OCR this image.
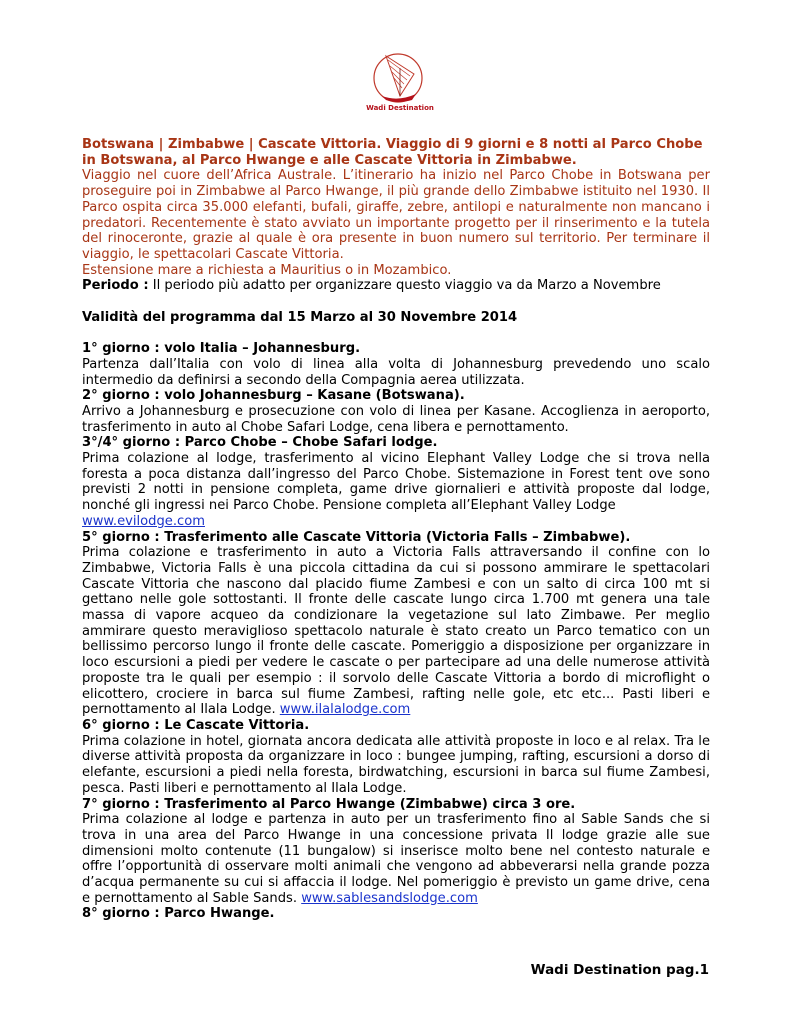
Wadi Destination

Botswana | Zimbabwe | Cascate Vittoria. Viaggio di 9 giorni e 8 notti al Parco Chobe in Botswana, al Parco Hwange e alle Cascate Vittoria in Zimbabwe.

Viaggio nel cuore dell’Africa Australe. L’itinerario ha inizio nel Parco Chobe in Botswana per proseguire poi in Zimbabwe al Parco Hwange, il più grande dello Zimbabwe istituito nel 1930. Il Parco ospita circa 35.000 elefanti, bufali, giraffe, zebre, antilopi e naturalmente non mancano i predatori. Recentemente è stato avviato un importante progetto per il rinserimento e la tutela del rinoceronte, grazie al quale è ora presente in buon numero sul territorio. Per terminare il viaggio, le spettacolari Cascate Vittoria.

Estensione mare a richiesta a Mauritius o in Mozambico.

Periodo : Il periodo più adatto per organizzare questo viaggio va da Marzo a Novembre

Validità del programma dal 15 Marzo al 30 Novembre 2014

1° giorno : volo Italia – Johannesburg.

Partenza dall’Italia con volo di linea alla volta di Johannesburg prevedendo uno scalo intermedio da definirsi a secondo della Compagnia aerea utilizzata.

2° giorno : volo Johannesburg – Kasane (Botswana).

Arrivo a Johannesburg e prosecuzione con volo di linea per Kasane. Accoglienza in aeroporto, trasferimento in auto al Chobe Safari Lodge, cena libera e pernottamento.

3°/4° giorno : Parco Chobe – Chobe Safari lodge.

Prima colazione al lodge, trasferimento al vicino Elephant Valley Lodge che si trova nella foresta a poca distanza dall’ingresso del Parco Chobe. Sistemazione in Forest tent ove sono previsti 2 notti in pensione completa, game drive giornalieri e attività proposte dal lodge, nonché gli ingressi nei Parco Chobe. Pensione completa all’Elephant Valley Lodge

www.evilodge.com

5° giorno : Trasferimento alle Cascate Vittoria (Victoria Falls – Zimbabwe).

Prima colazione e trasferimento in auto a Victoria Falls attraversando il confine con lo Zimbabwe, Victoria Falls è una piccola cittadina da cui si possono ammirare le spettacolari Cascate Vittoria che nascono dal placido fiume Zambesi e con un salto di circa 100 mt si gettano nelle gole sottostanti. Il fronte delle cascate lungo circa 1.700 mt genera una tale massa di vapore acqueo da condizionare la vegetazione sul lato Zimbawe. Per meglio ammirare questo meraviglioso spettacolo naturale è stato creato un Parco tematico con un bellissimo percorso lungo il fronte delle cascate. Pomeriggio a disposizione per organizzare in loco escursioni a piedi per vedere le cascate o per partecipare ad una delle numerose attività proposte tra le quali per esempio : il sorvolo delle Cascate Vittoria a bordo di microflight o elicottero, crociere in barca sul fiume Zambesi, rafting nelle gole, etc etc... Pasti liberi e pernottamento al Ilala Lodge. www.ilalalodge.com

6° giorno : Le Cascate Vittoria.

Prima colazione in hotel, giornata ancora dedicata alle attività proposte in loco e al relax. Tra le diverse attività proposta da organizzare in loco : bungee jumping, rafting, escursioni a dorso di elefante, escursioni a piedi nella foresta, birdwatching, escursioni in barca sul fiume Zambesi, pesca. Pasti liberi e pernottamento al Ilala Lodge.

7° giorno : Trasferimento al Parco Hwange (Zimbabwe) circa 3 ore.

Prima colazione al lodge e partenza in auto per un trasferimento fino al Sable Sands che si trova in una area del Parco Hwange in una concessione privata Il lodge grazie alle sue dimensioni molto contenute (11 bungalow) si inserisce molto bene nel contesto naturale e offre l’opportunità di osservare molti animali che vengono ad abbeverarsi nella grande pozza d’acqua permanente su cui si affaccia il lodge. Nel pomeriggio è previsto un game drive, cena e pernottamento al Sable Sands. www.sablesandslodge.com

8° giorno : Parco Hwange.

Wadi Destination pag.1
